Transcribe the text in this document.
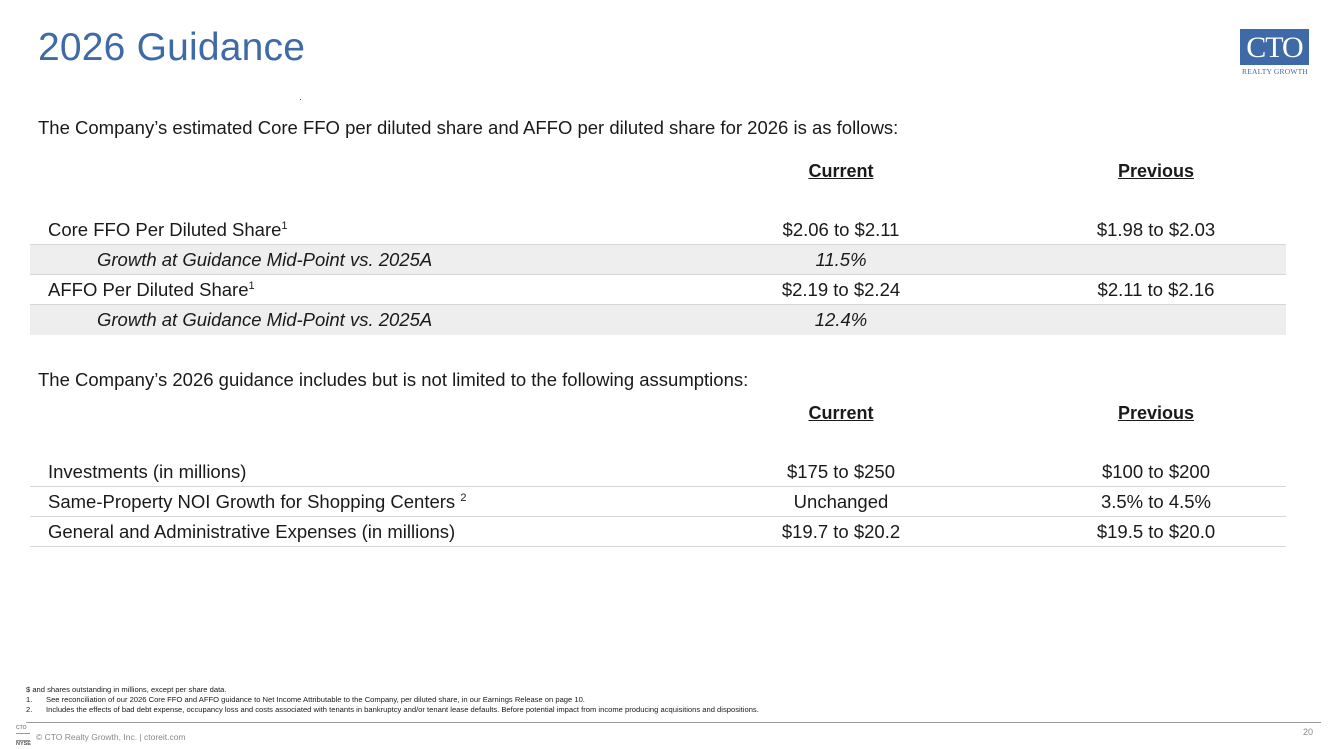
2026 Guidance	CTO
REALTY GROWTH
The Company’s estimated Core FFO per diluted share and AFFO per diluted share for 2026 is as follows:
Current	Previous
Core FFO Per Diluted Share$^1$	$2.06 to $2.11	$1.98 to $2.03
Growth at Guidance Mid-Point vs. 2025A	11.5%
AFFO Per Diluted Share$^1$	$2.19 to $2.24	$2.11 to $2.16
Growth at Guidance Mid-Point vs. 2025A	12.4%
The Company’s 2026 guidance includes but is not limited to the following assumptions:
Current	Previous
Investments (in millions)	$175 to $250	$100 to $200
Same-Property NOI Growth for Shopping Centers $^2$	Unchanged	3.5% to 4.5%
General and Administrative Expenses (in millions)	$19.7 to $20.2	$19.5 to $20.0
$ and shares outstanding in millions, except per share data.
1. See reconciliation of our 2026 Core FFO and AFFO guidance to Net Income Attributable to the Company, per diluted share, in our Earnings Release on page 10.
2. Includes the effects of bad debt expense, occupancy loss and costs associated with tenants in bankruptcy and/or tenant lease defaults. Before potential impact from income producing acquisitions and dispositions.
CTO
NYSE
© CTO Realty Growth, Inc. | ctoreit.com	20
